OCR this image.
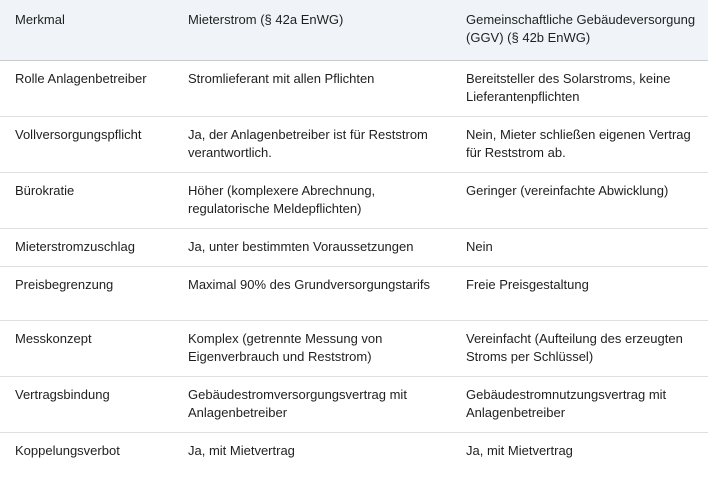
Merkmal	Mieterstrom (§ 42a EnWG)	Gemeinschaftliche Gebäudeversorgung (GGV) (§ 42b EnWG)
Rolle Anlagenbetreiber	Stromlieferant mit allen Pflichten	Bereitsteller des Solarstroms, keine Lieferantenpflichten
Vollversorgungspflicht	Ja, der Anlagenbetreiber ist für Reststrom verantwortlich.	Nein, Mieter schließen eigenen Vertrag für Reststrom ab.
Bürokratie	Höher (komplexere Abrechnung, regulatorische Meldepflichten)	Geringer (vereinfachte Abwicklung)
Mieterstromzuschlag	Ja, unter bestimmten Voraussetzungen	Nein
Preisbegrenzung	Maximal 90% des Grundversorgungstarifs	Freie Preisgestaltung
Messkonzept	Komplex (getrennte Messung von Eigenverbrauch und Reststrom)	Vereinfacht (Aufteilung des erzeugten Stroms per Schlüssel)
Vertragsbindung	Gebäudestromversorgungsvertrag mit Anlagenbetreiber	Gebäudestromnutzungsvertrag mit Anlagenbetreiber
Koppelungsverbot	Ja, mit Mietvertrag	Ja, mit Mietvertrag
